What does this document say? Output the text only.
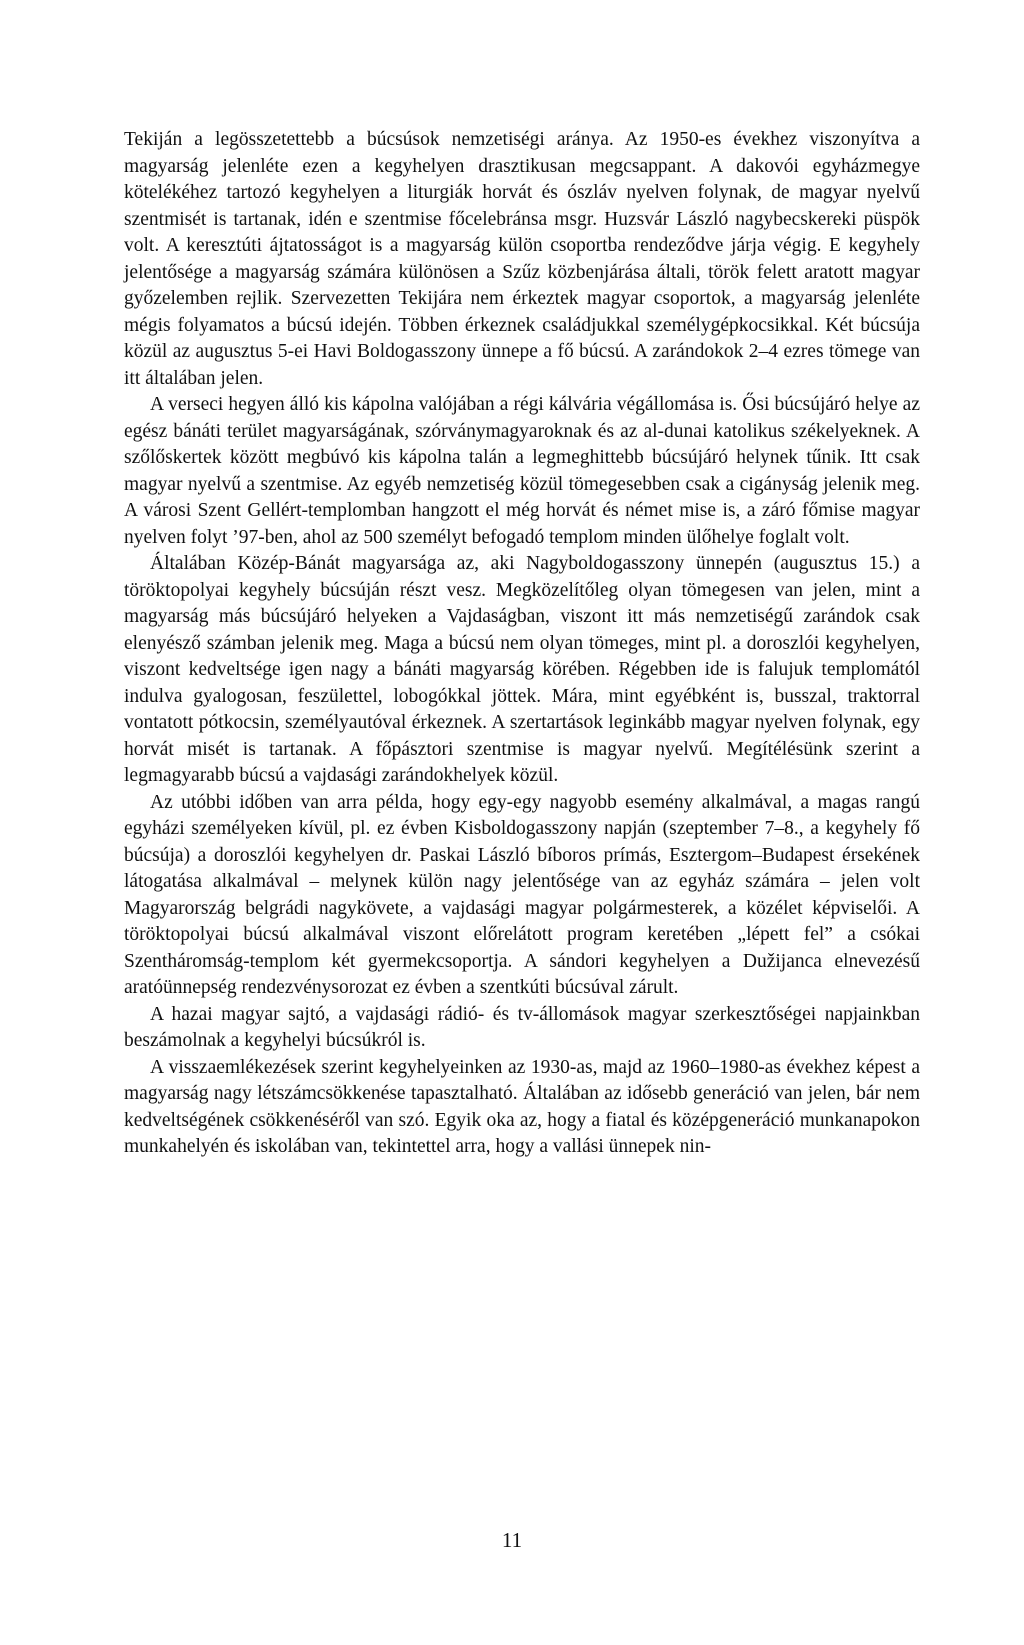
Tekiján a legösszetettebb a búcsúsok nemzetiségi aránya. Az 1950-es évekhez viszonyítva a magyarság jelenléte ezen a kegyhelyen drasztikusan megcsappant. A dakovói egyházmegye kötelékéhez tartozó kegyhelyen a liturgiák horvát és ószláv nyelven folynak, de magyar nyelvű szentmisét is tartanak, idén e szentmise főcelebránsa msgr. Huzsvár László nagybecskereki püspök volt. A keresztúti ájtatosságot is a magyarság külön csoportba rendeződve járja végig. E kegyhely jelentősége a magyarság számára különösen a Szűz közbenjárása általi, török felett aratott magyar győzelemben rejlik. Szervezetten Tekijára nem érkeztek magyar csoportok, a magyarság jelenléte mégis folyamatos a búcsú idején. Többen érkeznek családjukkal személygépkocsikkal. Két búcsúja közül az augusztus 5-ei Havi Boldogasszony ünnepe a fő búcsú. A zarándokok 2–4 ezres tömege van itt általában jelen.

A verseci hegyen álló kis kápolna valójában a régi kálvária végállomása is. Ősi búcsújáró helye az egész bánáti terület magyarságának, szórványmagyaroknak és az al-dunai katolikus székelyeknek. A szőlőskertek között megbúvó kis kápolna talán a legmeghittebb búcsújáró helynek tűnik. Itt csak magyar nyelvű a szentmise. Az egyéb nemzetiség közül tömegesebben csak a cigányság jelenik meg. A városi Szent Gellért-templomban hangzott el még horvát és német mise is, a záró főmise magyar nyelven folyt ’97-ben, ahol az 500 személyt befogadó templom minden ülőhelye foglalt volt.

Általában Közép-Bánát magyarsága az, aki Nagyboldogasszony ünnepén (augusztus 15.) a töröktopolyai kegyhely búcsúján részt vesz. Megközelítőleg olyan tömegesen van jelen, mint a magyarság más búcsújáró helyeken a Vajdaságban, viszont itt más nemzetiségű zarándok csak elenyésző számban jelenik meg. Maga a búcsú nem olyan tömeges, mint pl. a doroszlói kegyhelyen, viszont kedveltsége igen nagy a bánáti magyarság körében. Régebben ide is falujuk templomától indulva gyalogosan, feszülettel, lobogókkal jöttek. Mára, mint egyébként is, busszal, traktorral vontatott pótkocsin, személyautóval érkeznek. A szertartások leginkább magyar nyelven folynak, egy horvát misét is tartanak. A főpásztori szentmise is magyar nyelvű. Megítélésünk szerint a legmagyarabb búcsú a vajdasági zarándokhelyek közül.

Az utóbbi időben van arra példa, hogy egy-egy nagyobb esemény alkalmával, a magas rangú egyházi személyeken kívül, pl. ez évben Kisboldogasszony napján (szeptember 7–8., a kegyhely fő búcsúja) a doroszlói kegyhelyen dr. Paskai László bíboros prímás, Esztergom–Budapest érsekének látogatása alkalmával – melynek külön nagy jelentősége van az egyház számára – jelen volt Magyarország belgrádi nagykövete, a vajdasági magyar polgármesterek, a közélet képviselői. A töröktopolyai búcsú alkalmával viszont előrelátott program keretében „lépett fel” a csókai Szentháromság-templom két gyermekcsoportja. A sándori kegyhelyen a Dužijanca elnevezésű aratóünnepség rendezvénysorozat ez évben a szentkúti búcsúval zárult.

A hazai magyar sajtó, a vajdasági rádió- és tv-állomások magyar szerkesztőségei napjainkban beszámolnak a kegyhelyi búcsúkról is.

A visszaemlékezések szerint kegyhelyeinken az 1930-as, majd az 1960–1980-as évekhez képest a magyarság nagy létszámcsökkenése tapasztalható. Általában az idősebb generáció van jelen, bár nem kedveltségének csökkenéséről van szó. Egyik oka az, hogy a fiatal és középgeneráció munkanapokon munkahelyén és iskolában van, tekintettel arra, hogy a vallási ünnepek nin-

11
